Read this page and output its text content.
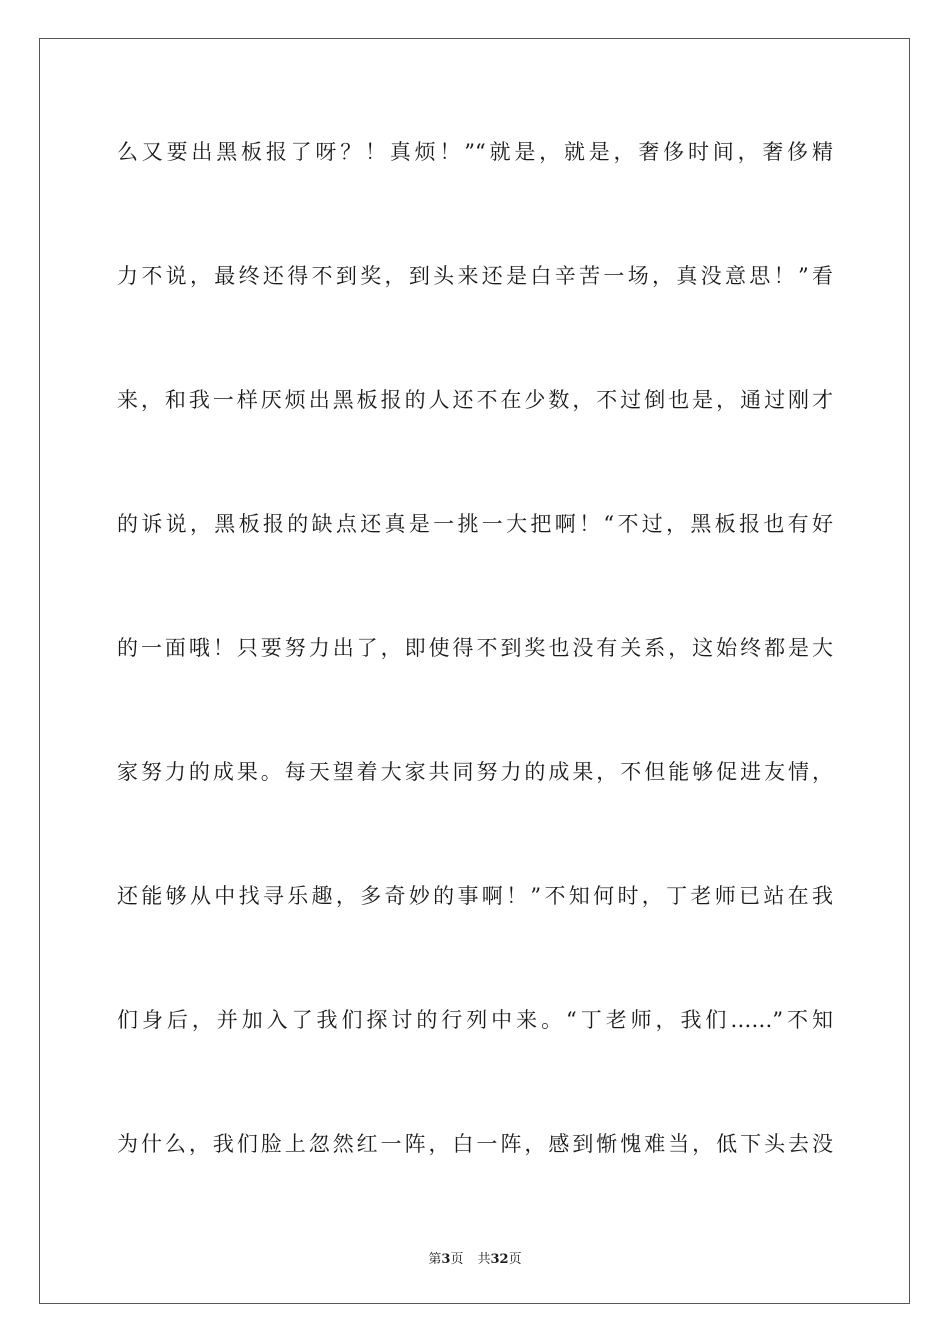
么又要出黑板报了呀？！真烦！”“就是，就是，奢侈时间，奢侈精
力不说，最终还得不到奖，到头来还是白辛苦一场，真没意思！”看
来，和我一样厌烦出黑板报的人还不在少数，不过倒也是，通过刚才
的诉说，黑板报的缺点还真是一挑一大把啊！“不过，黑板报也有好
的一面哦！只要努力出了，即使得不到奖也没有关系，这始终都是大
家努力的成果。每天望着大家共同努力的成果，不但能够促进友情，
还能够从中找寻乐趣，多奇妙的事啊！”不知何时，丁老师已站在我
们身后，并加入了我们探讨的行列中来。“丁老师，我们……”不知
为什么，我们脸上忽然红一阵，白一阵，感到惭愧难当，低下头去没
第3页 共32页
